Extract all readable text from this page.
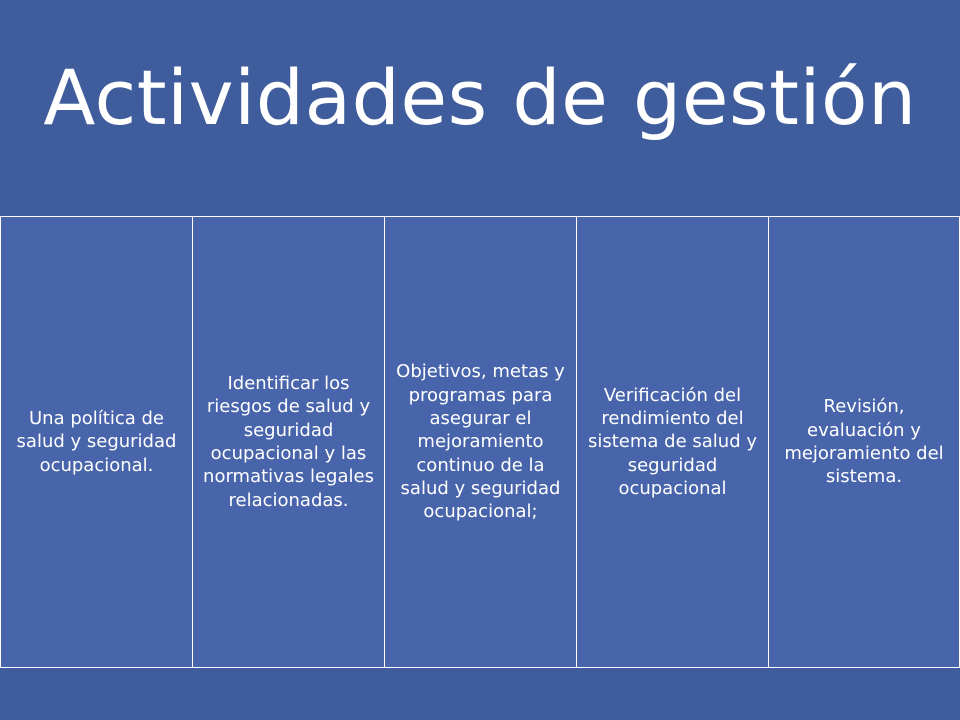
Actividades de gestión
Una política de salud y seguridad ocupacional.
Identificar los riesgos de salud y seguridad ocupacional y las normativas legales relacionadas.
Objetivos, metas y programas para asegurar el mejoramiento continuo de la salud y seguridad ocupacional;
Verificación del rendimiento del sistema de salud y seguridad ocupacional
Revisión, evaluación y mejoramiento del sistema.
